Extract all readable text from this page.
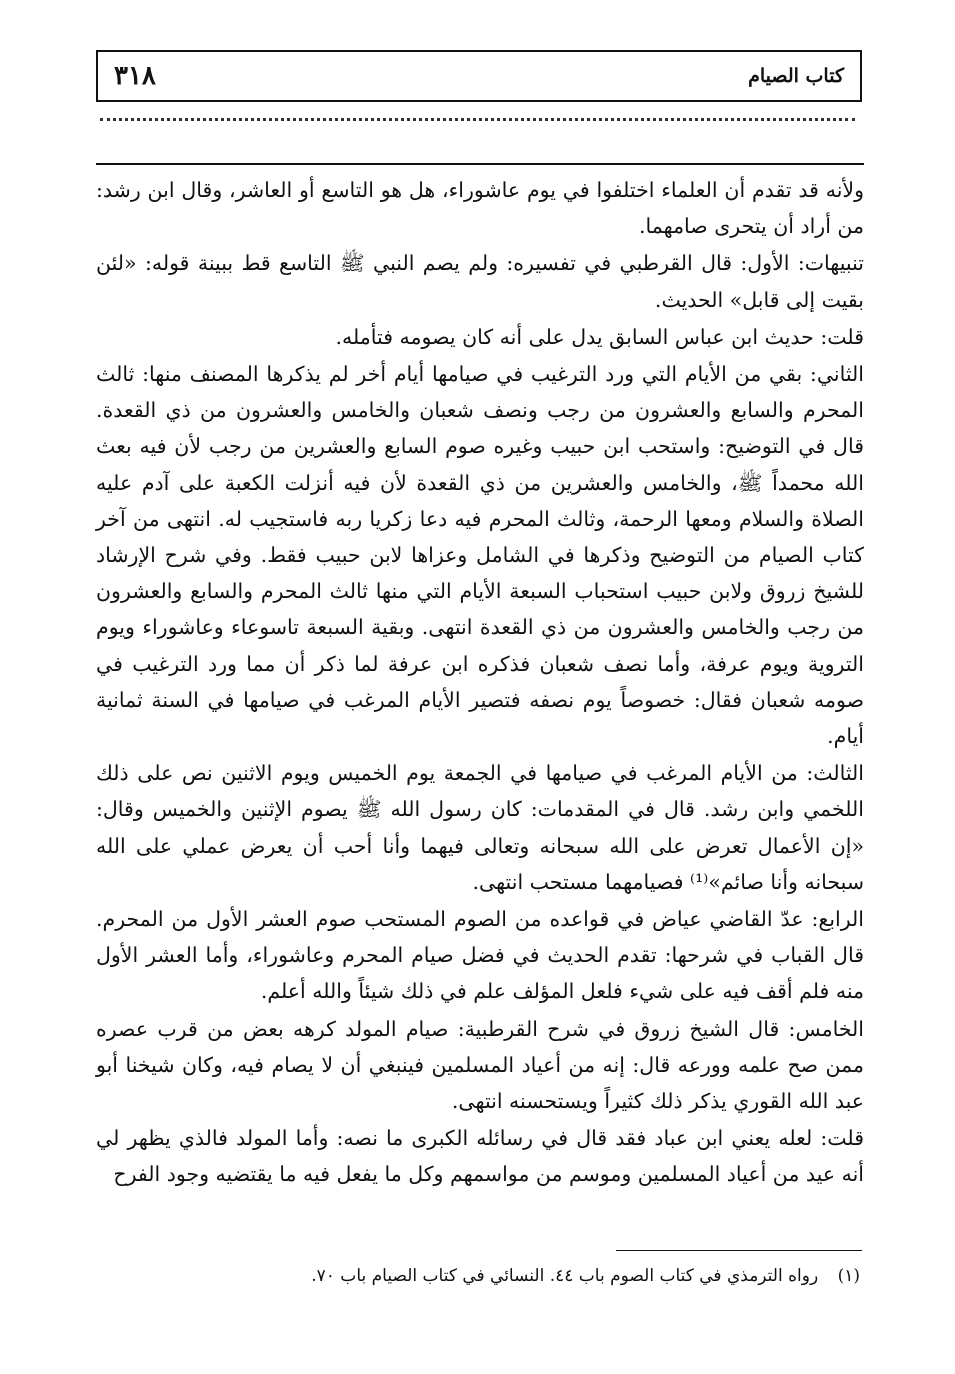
٣١٨	كتاب الصيام

ولأنه قد تقدم أن العلماء اختلفوا في يوم عاشوراء، هل هو التاسع أو العاشر، وقال ابن رشد: من أراد أن يتحرى صامهما.

تنبيهات: الأول: قال القرطبي في تفسيره: ولم يصم النبي ﷺ التاسع قط ببينة قوله: «لئن بقيت إلى قابل» الحديث.

قلت: حديث ابن عباس السابق يدل على أنه كان يصومه فتأمله.

الثاني: بقي من الأيام التي ورد الترغيب في صيامها أيام أخر لم يذكرها المصنف منها: ثالث المحرم والسابع والعشرون من رجب ونصف شعبان والخامس والعشرون من ذي القعدة. قال في التوضيح: واستحب ابن حبيب وغيره صوم السابع والعشرين من رجب لأن فيه بعث الله محمداً ﷺ، والخامس والعشرين من ذي القعدة لأن فيه أنزلت الكعبة على آدم عليه الصلاة والسلام ومعها الرحمة، وثالث المحرم فيه دعا زكريا ربه فاستجيب له. انتهى من آخر كتاب الصيام من التوضيح وذكرها في الشامل وعزاها لابن حبيب فقط. وفي شرح الإرشاد للشيخ زروق ولابن حبيب استحباب السبعة الأيام التي منها ثالث المحرم والسابع والعشرون من رجب والخامس والعشرون من ذي القعدة انتهى. وبقية السبعة تاسوعاء وعاشوراء ويوم التروية ويوم عرفة، وأما نصف شعبان فذكره ابن عرفة لما ذكر أن مما ورد الترغيب في صومه شعبان فقال: خصوصاً يوم نصفه فتصير الأيام المرغب في صيامها في السنة ثمانية أيام.

الثالث: من الأيام المرغب في صيامها في الجمعة يوم الخميس ويوم الاثنين نص على ذلك اللخمي وابن رشد. قال في المقدمات: كان رسول الله ﷺ يصوم الإثنين والخميس وقال: «إن الأعمال تعرض على الله سبحانه وتعالى فيهما وأنا أحب أن يعرض عملي على الله سبحانه وأنا صائم»⁽¹⁾ فصيامهما مستحب انتهى.

الرابع: عدّ القاضي عياض في قواعده من الصوم المستحب صوم العشر الأول من المحرم. قال القباب في شرحها: تقدم الحديث في فضل صيام المحرم وعاشوراء، وأما العشر الأول منه فلم أقف فيه على شيء فلعل المؤلف علم في ذلك شيئاً والله أعلم.

الخامس: قال الشيخ زروق في شرح القرطبية: صيام المولد كرهه بعض من قرب عصره ممن صح علمه وورعه قال: إنه من أعياد المسلمين فينبغي أن لا يصام فيه، وكان شيخنا أبو عبد الله القوري يذكر ذلك كثيراً ويستحسنه انتهى.

قلت: لعله يعني ابن عباد فقد قال في رسائله الكبرى ما نصه: وأما المولد فالذي يظهر لي أنه عيد من أعياد المسلمين وموسم من مواسمهم وكل ما يفعل فيه ما يقتضيه وجود الفرح

(١) رواه الترمذي في كتاب الصوم باب ٤٤. النسائي في كتاب الصيام باب ٧٠.
